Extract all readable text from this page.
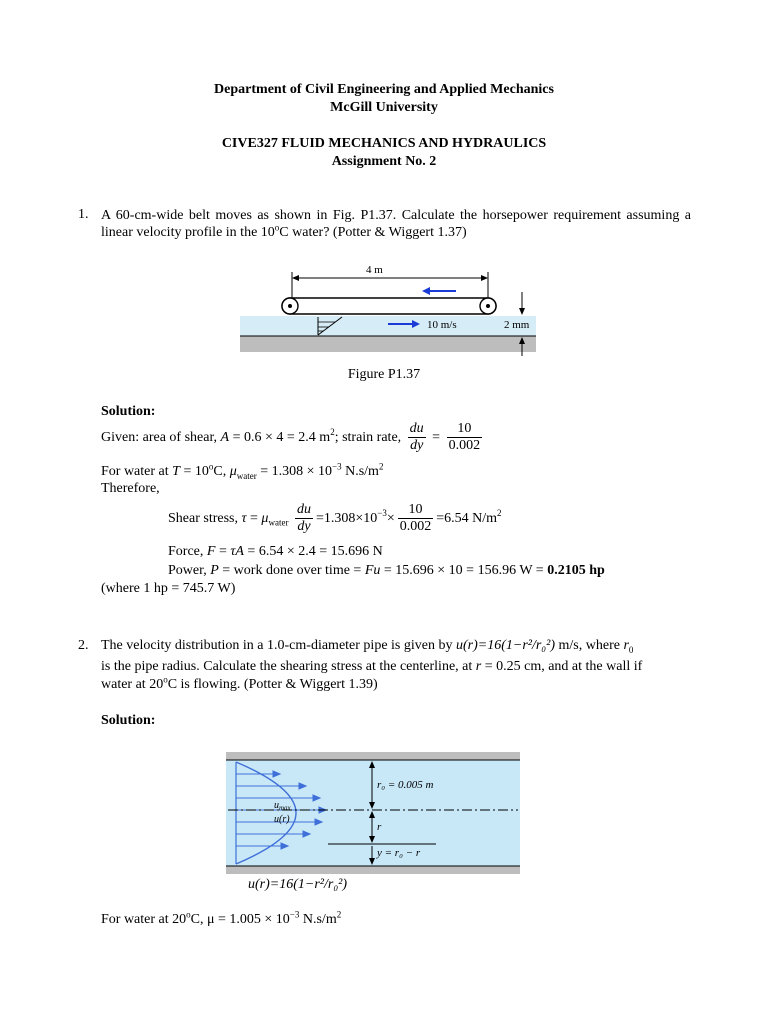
Department of Civil Engineering and Applied Mechanics
McGill University
CIVE327 FLUID MECHANICS AND HYDRAULICS
Assignment No. 2
1. A 60-cm-wide belt moves as shown in Fig. P1.37. Calculate the horsepower requirement assuming a linear velocity profile in the 10$^o$C water? (Potter & Wiggert 1.37)
4 m
10 m/s	2 mm
Figure P1.37
Solution:
Given: area of shear, A = 0.6 × 4 = 2.4 $m^2$; strain rate, $\frac{du}{dy} = \frac{10}{0.002}$
For water at $T = 10^oC$, $\mu_{water} = 1.308 \times 10^{-3}$ $N.s/m^2$
Therefore,
Shear stress, $\tau = \mu_{water} \frac{du}{dy} =1.308\times 10^{-3}\times \frac{10}{0.002} =6.54$ $N/m^2$
Force, F = τA = 6.54 × 2.4 = 15.696 N
Power, P = work done over time = Fu = 15.696 × 10 = 156.96 W = 0.2105 hp
(where 1 hp = 745.7 W)
2. The velocity distribution in a 1.0-cm-diameter pipe is given by u(r)=16(1−r²/r₀²) m/s, where $r_0$
is the pipe radius. Calculate the shearing stress at the centerline, at r = 0.25 cm, and at the wall if
water at 20$^o$C is flowing. (Potter & Wiggert 1.39)
Solution:
r₀ = 0.005 m
$u_{max}$
u(r)
r
y = r₀ − r
u(r)=16(1−r²/r₀²)
For water at 20$^o$C, $\mu = 1.005 \times 10^{-3}$ $N.s/m^2$
